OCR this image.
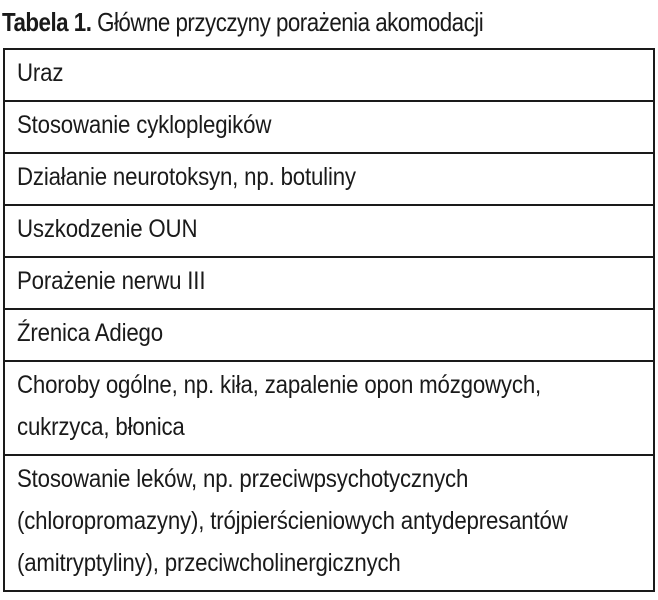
Tabela 1. Główne przyczyny porażenia akomodacji
Uraz

Stosowanie cykloplegików

Działanie neurotoksyn, np. botuliny

Uszkodzenie OUN

Porażenie nerwu III

Źrenica Adiego

Choroby ogólne, np. kiła, zapalenie opon mózgowych, cukrzyca, błonica

Stosowanie leków, np. przeciwpsychotycznych (chloropromazyny), trójpierścieniowych antydepresantów (amitryptyliny), przeciwcholinergicznych
